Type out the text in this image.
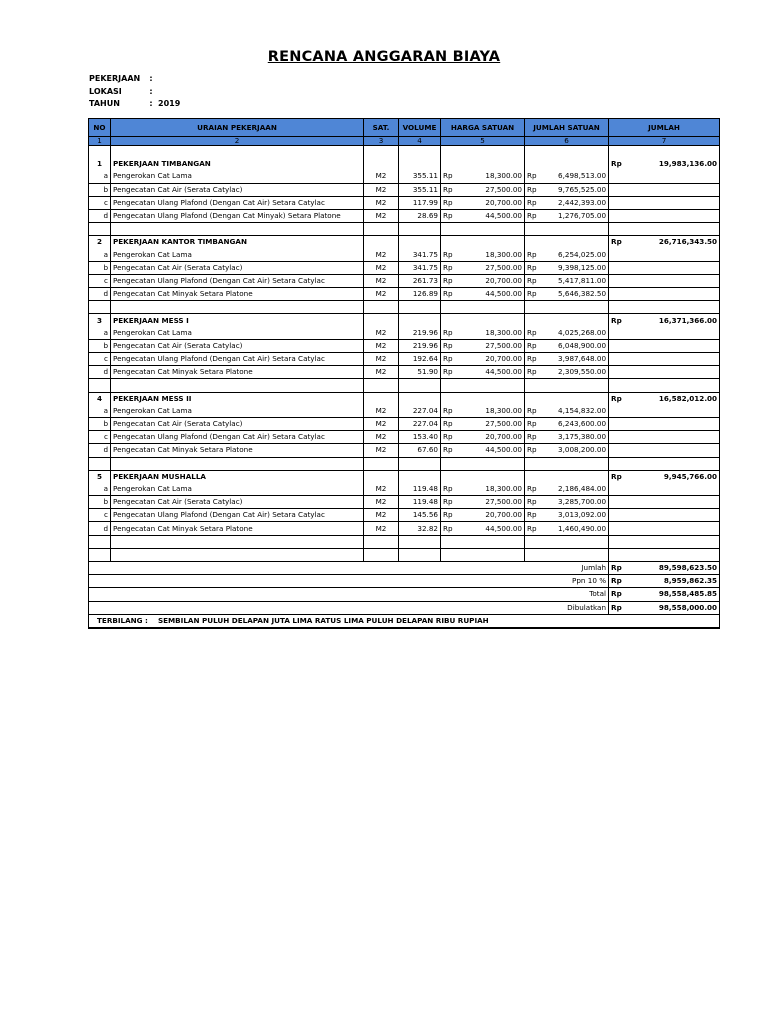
RENCANA ANGGARAN BIAYA
PEKERJAAN :
LOKASI	:
TAHUN	: 2019
NO	URAIAN PEKERJAAN	SAT.	VOLUME	HARGA SATUAN		JUMLAH SATUAN		JUMLAH	
1	2	3	4	5		6		7	

1	PEKERJAAN TIMBANGAN							Rp	19,983,136.00
a	Pengerokan Cat Lama	M2	355.11	Rp	18,300.00	Rp	6,498,513.00		
b	Pengecatan Cat Air (Serata Catylac)	M2	355.11	Rp	27,500.00	Rp	9,765,525.00		
c	Pengecatan Ulang Plafond (Dengan Cat Air) Setara Catylac	M2	117.99	Rp	20,700.00	Rp	2,442,393.00		
d	Pengecatan Ulang Plafond (Dengan Cat Minyak) Setara Platone	M2	28.69	Rp	44,500.00	Rp	1,276,705.00		

2	PEKERJAAN KANTOR TIMBANGAN							Rp	26,716,343.50
a	Pengerokan Cat Lama	M2	341.75	Rp	18,300.00	Rp	6,254,025.00		
b	Pengecatan Cat Air (Serata Catylac)	M2	341.75	Rp	27,500.00	Rp	9,398,125.00		
c	Pengecatan Ulang Plafond (Dengan Cat Air) Setara Catylac	M2	261.73	Rp	20,700.00	Rp	5,417,811.00		
d	Pengecatan Cat Minyak Setara Platone	M2	126.89	Rp	44,500.00	Rp	5,646,382.50		

3	PEKERJAAN MESS I							Rp	16,371,366.00
a	Pengerokan Cat Lama	M2	219.96	Rp	18,300.00	Rp	4,025,268.00		
b	Pengecatan Cat Air (Serata Catylac)	M2	219.96	Rp	27,500.00	Rp	6,048,900.00		
c	Pengecatan Ulang Plafond (Dengan Cat Air) Setara Catylac	M2	192.64	Rp	20,700.00	Rp	3,987,648.00		
d	Pengecatan Cat Minyak Setara Platone	M2	51.90	Rp	44,500.00	Rp	2,309,550.00		

4	PEKERJAAN MESS II							Rp	16,582,012.00
a	Pengerokan Cat Lama	M2	227.04	Rp	18,300.00	Rp	4,154,832.00		
b	Pengecatan Cat Air (Serata Catylac)	M2	227.04	Rp	27,500.00	Rp	6,243,600.00		
c	Pengecatan Ulang Plafond (Dengan Cat Air) Setara Catylac	M2	153.40	Rp	20,700.00	Rp	3,175,380.00		
d	Pengecatan Cat Minyak Setara Platone	M2	67.60	Rp	44,500.00	Rp	3,008,200.00		

5	PEKERJAAN MUSHALLA							Rp	9,945,766.00
a	Pengerokan Cat Lama	M2	119.48	Rp	18,300.00	Rp	2,186,484.00		
b	Pengecatan Cat Air (Serata Catylac)	M2	119.48	Rp	27,500.00	Rp	3,285,700.00		
c	Pengecatan Ulang Plafond (Dengan Cat Air) Setara Catylac	M2	145.56	Rp	20,700.00	Rp	3,013,092.00		
d	Pengecatan Cat Minyak Setara Platone	M2	32.82	Rp	44,500.00	Rp	1,460,490.00		

Jumlah								Rp	89,598,623.50
Ppn 10 %								Rp	8,959,862.35
Total								Rp	98,558,485.85
Dibulatkan								Rp	98,558,000.00
TERBILANG : SEMBILAN PULUH DELAPAN JUTA LIMA RATUS LIMA PULUH DELAPAN RIBU RUPIAH									
